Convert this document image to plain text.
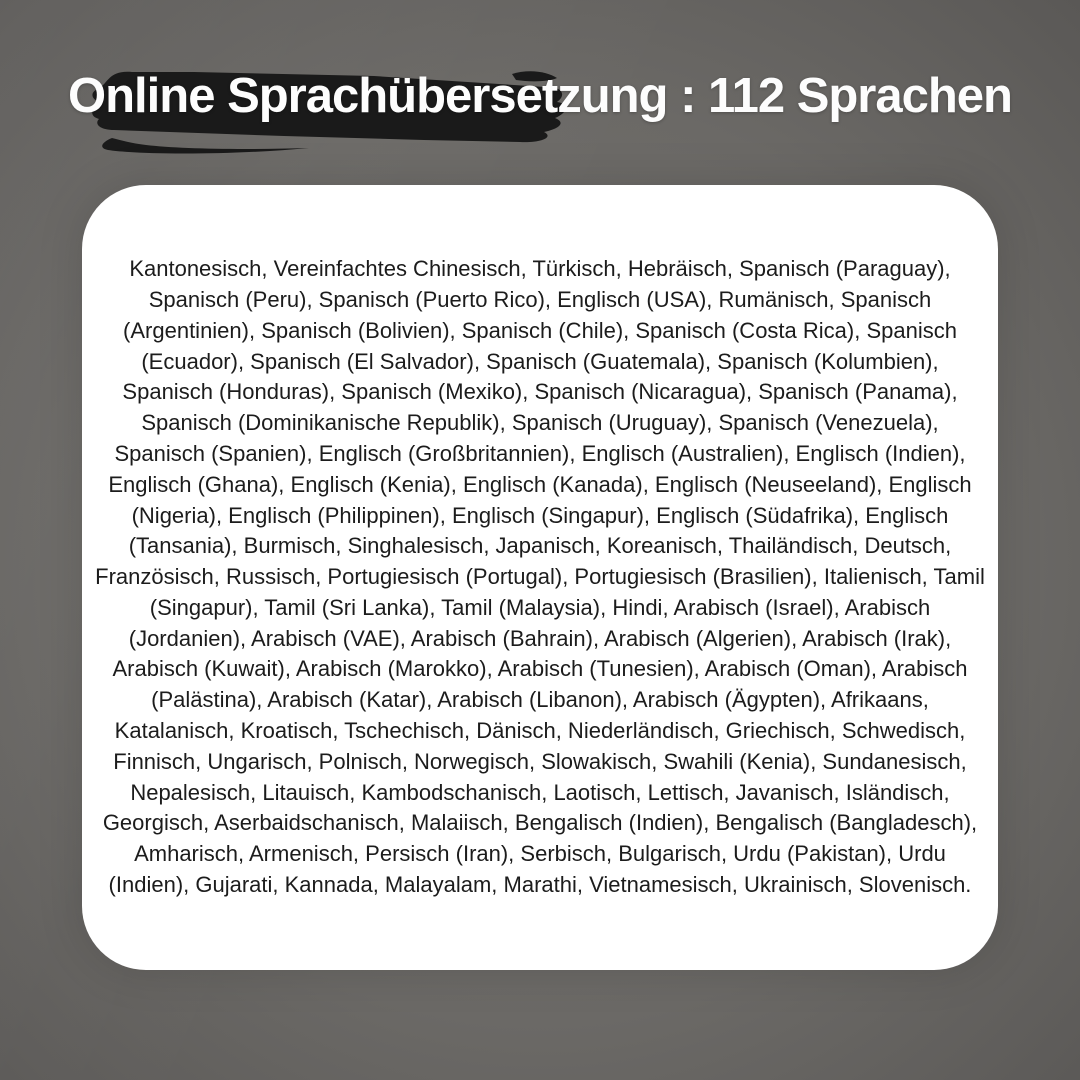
Online Sprachübersetzung : 112 Sprachen

Kantonesisch, Vereinfachtes Chinesisch, Türkisch, Hebräisch, Spanisch (Paraguay), Spanisch (Peru), Spanisch (Puerto Rico), Englisch (USA), Rumänisch, Spanisch (Argentinien), Spanisch (Bolivien), Spanisch (Chile), Spanisch (Costa Rica), Spanisch (Ecuador), Spanisch (El Salvador), Spanisch (Guatemala), Spanisch (Kolumbien), Spanisch (Honduras), Spanisch (Mexiko), Spanisch (Nicaragua), Spanisch (Panama), Spanisch (Dominikanische Republik), Spanisch (Uruguay), Spanisch (Venezuela), Spanisch (Spanien), Englisch (Großbritannien), Englisch (Australien), Englisch (Indien), Englisch (Ghana), Englisch (Kenia), Englisch (Kanada), Englisch (Neuseeland), Englisch (Nigeria), Englisch (Philippinen), Englisch (Singapur), Englisch (Südafrika), Englisch (Tansania), Burmisch, Singhalesisch, Japanisch, Koreanisch, Thailändisch, Deutsch, Französisch, Russisch, Portugiesisch (Portugal), Portugiesisch (Brasilien), Italienisch, Tamil (Singapur), Tamil (Sri Lanka), Tamil (Malaysia), Hindi, Arabisch (Israel), Arabisch (Jordanien), Arabisch (VAE), Arabisch (Bahrain), Arabisch (Algerien), Arabisch (Irak), Arabisch (Kuwait), Arabisch (Marokko), Arabisch (Tunesien), Arabisch (Oman), Arabisch (Palästina), Arabisch (Katar), Arabisch (Libanon), Arabisch (Ägypten), Afrikaans, Katalanisch, Kroatisch, Tschechisch, Dänisch, Niederländisch, Griechisch, Schwedisch, Finnisch, Ungarisch, Polnisch, Norwegisch, Slowakisch, Swahili (Kenia), Sundanesisch, Nepalesisch, Litauisch, Kambodschanisch, Laotisch, Lettisch, Javanisch, Isländisch, Georgisch, Aserbaidschanisch, Malaiisch, Bengalisch (Indien), Bengalisch (Bangladesch), Amharisch, Armenisch, Persisch (Iran), Serbisch, Bulgarisch, Urdu (Pakistan), Urdu (Indien), Gujarati, Kannada, Malayalam, Marathi, Vietnamesisch, Ukrainisch, Slovenisch.
